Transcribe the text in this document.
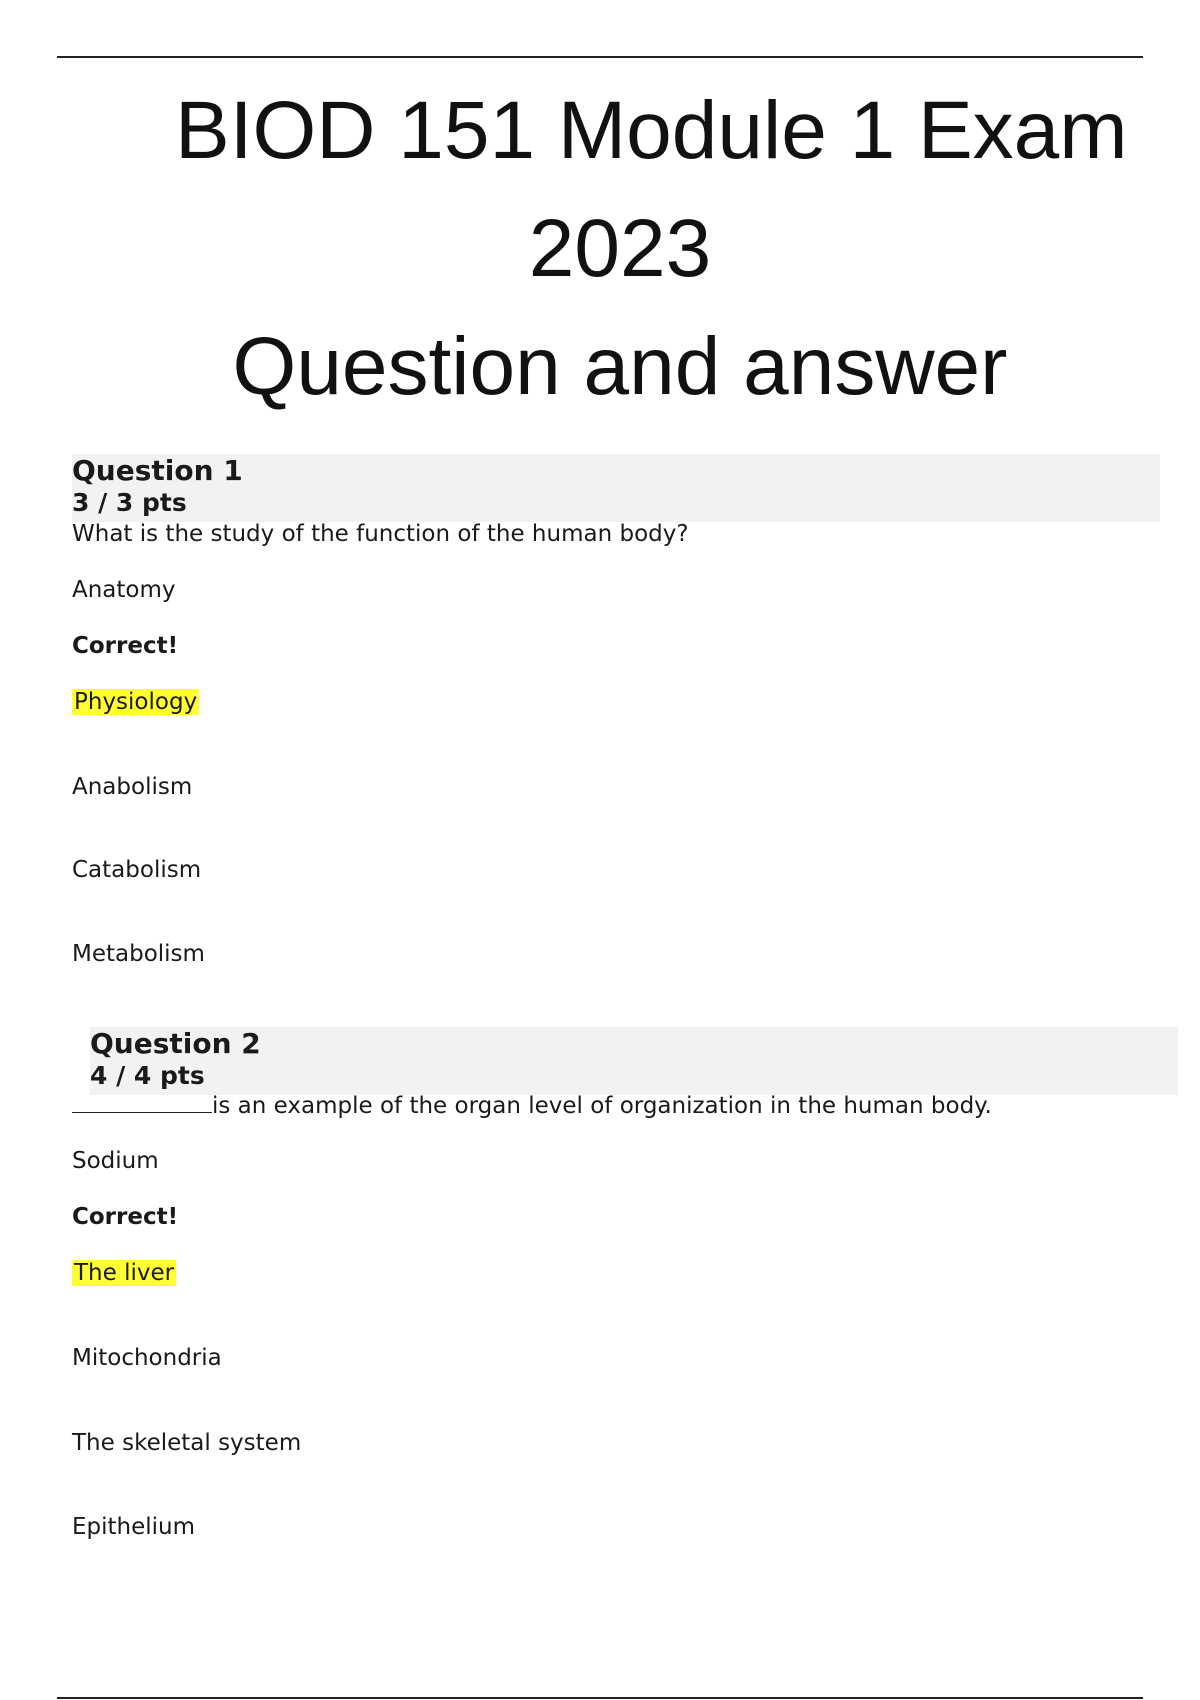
BIOD 151 Module 1 Exam
2023
Question and answer
Question 1
3 / 3 pts
What is the study of the function of the human body?
Anatomy
Correct!
Physiology
Anabolism
Catabolism
Metabolism
Question 2
4 / 4 pts
is an example of the organ level of organization in the human body.
Sodium
Correct!
The liver
Mitochondria
The skeletal system
Epithelium
